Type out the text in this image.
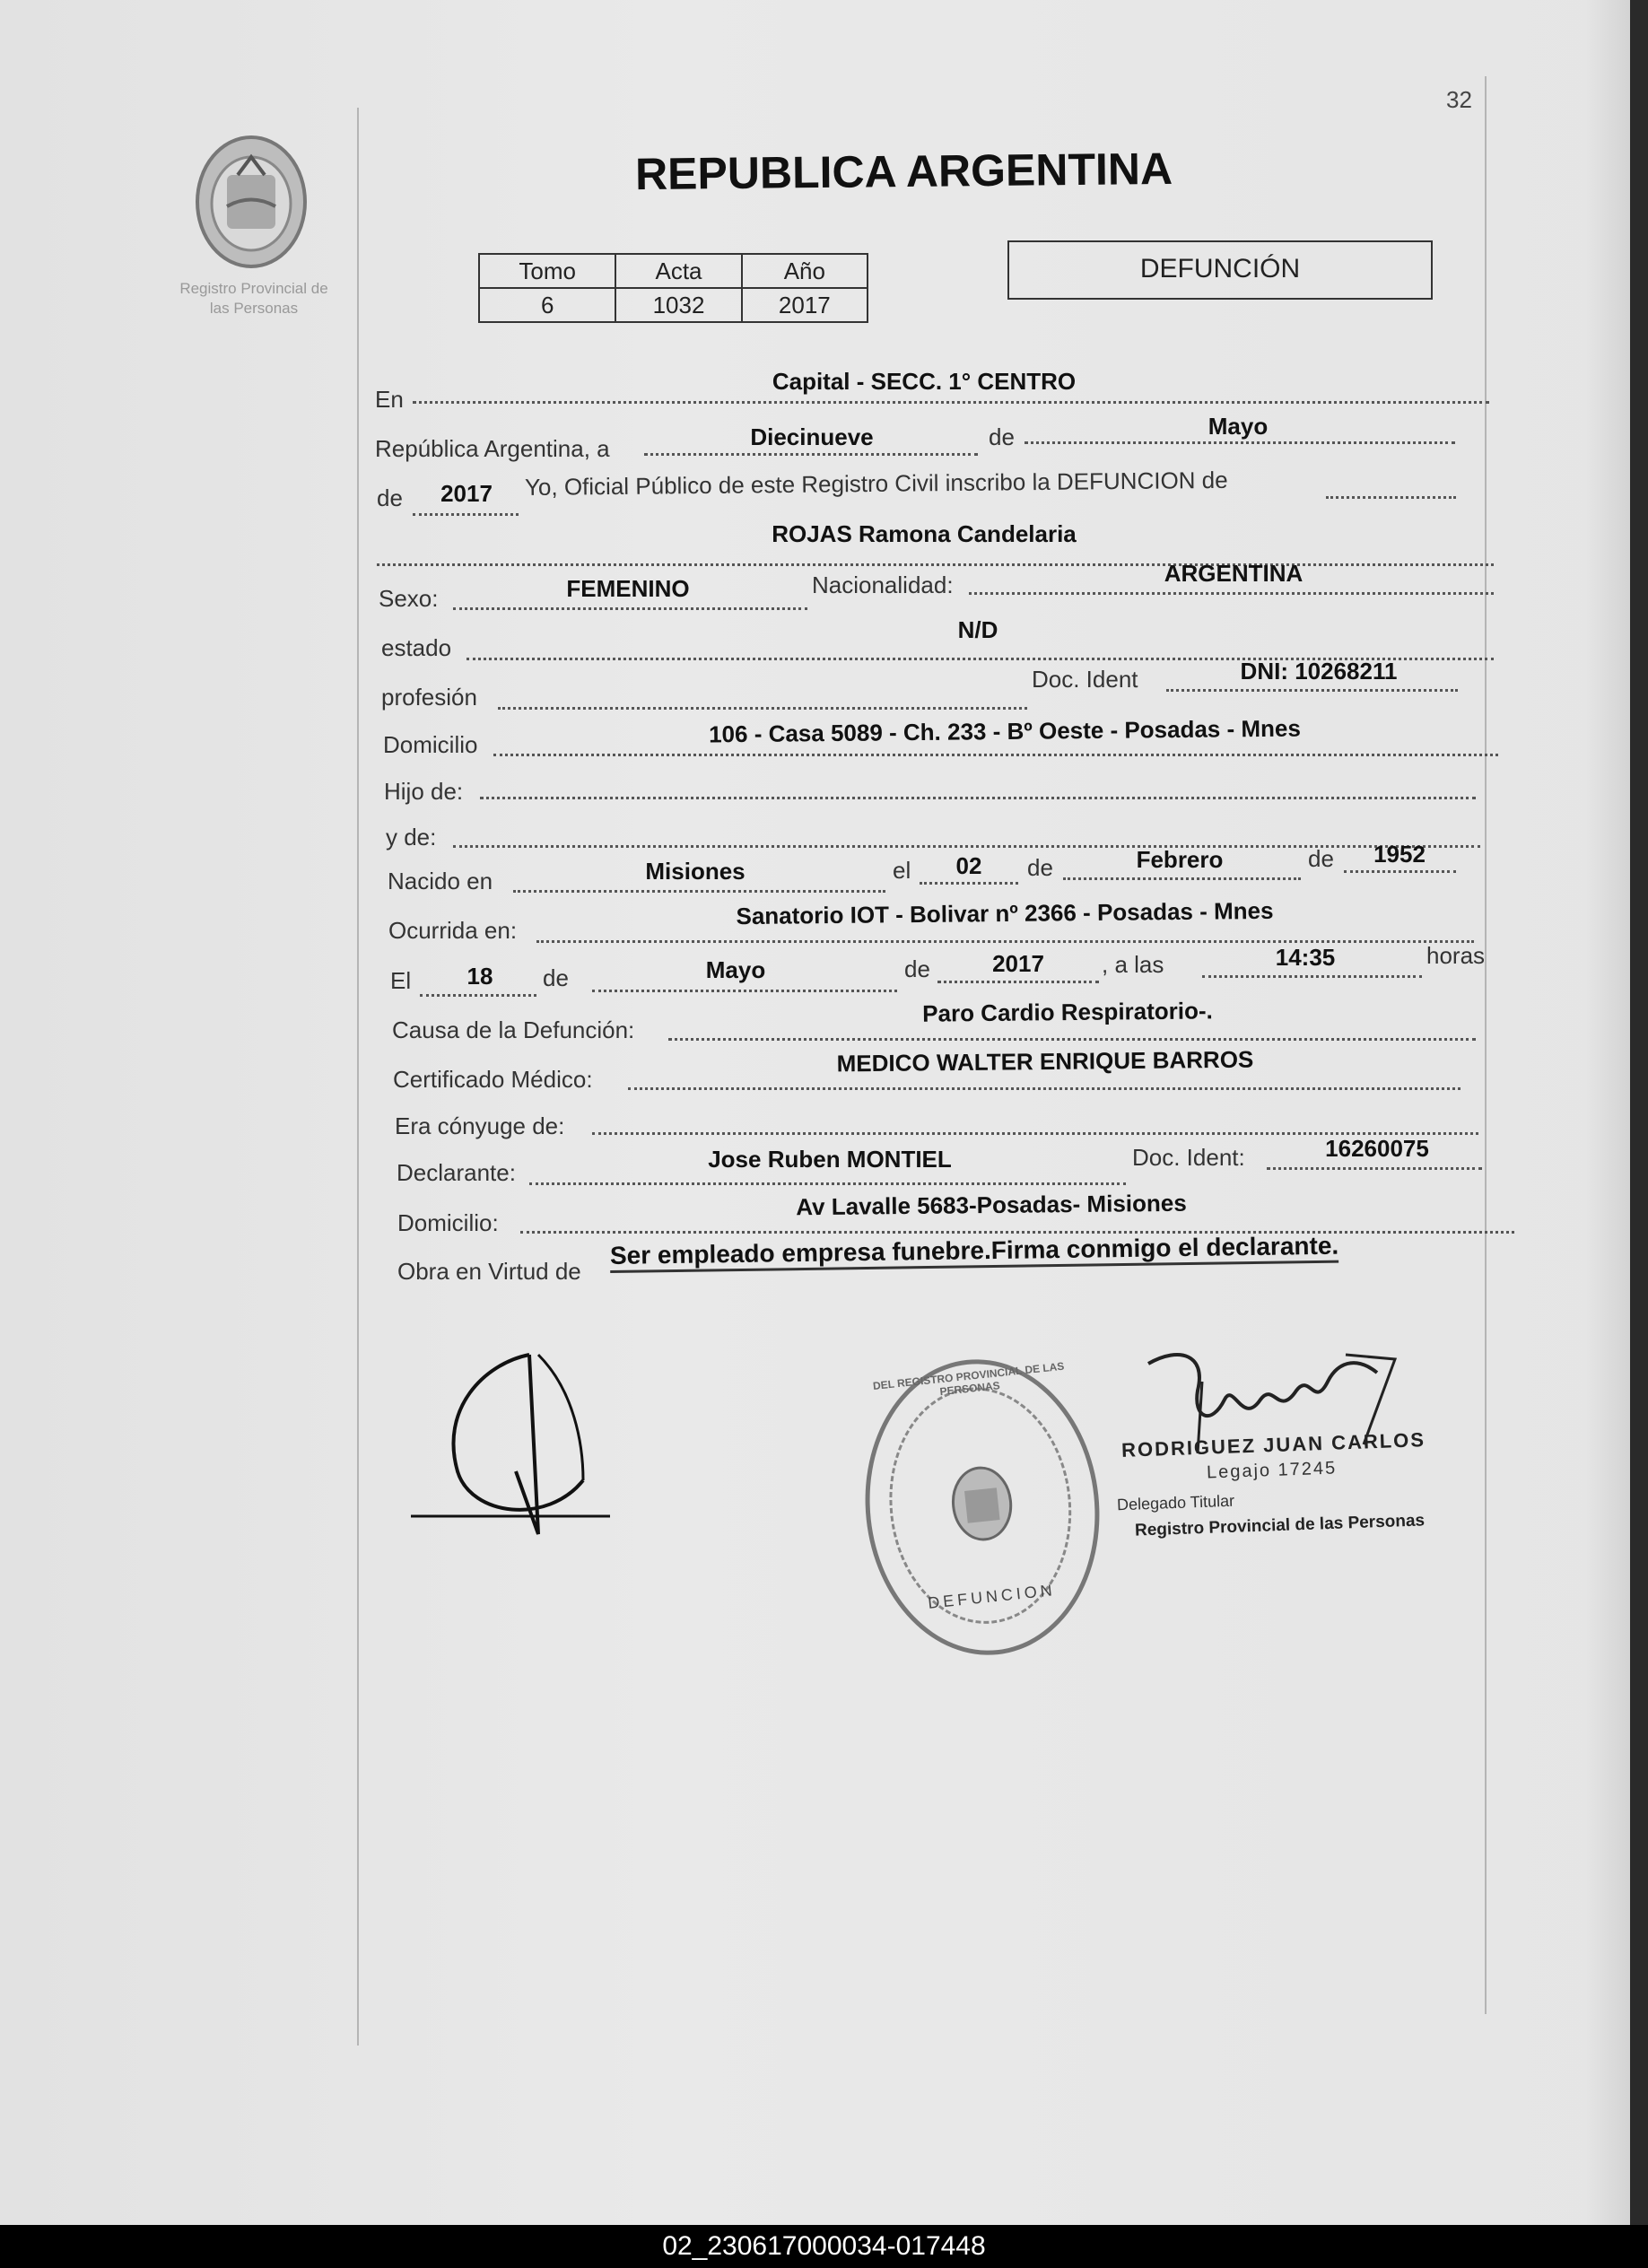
32
Registro Provincial de
las Personas
REPUBLICA ARGENTINA
Tomo	Acta	Año
6	1032	2017
DEFUNCIÓN
En
Capital - SECC. 1° CENTRO
República Argentina, a	Diecinueve	de	Mayo
de	2017	Yo, Oficial Público de este Registro Civil inscribo la DEFUNCION de
ROJAS Ramona Candelaria
Sexo:	FEMENINO	Nacionalidad:	ARGENTINA
estado
N/D
profesión
Doc. Ident	DNI: 10268211
Domicilio	106 - Casa 5089 - Ch. 233 - Bº Oeste - Posadas - Mnes
Hijo de:
y de:
Nacido en	Misiones	el	02	de	Febrero	de	1952
Ocurrida en:
Sanatorio IOT - Bolivar nº 2366 - Posadas - Mnes
El	18	de	Mayo	de	2017	, a las	14:35	horas
Causa de la Defunción:
Paro Cardio Respiratorio-.
Certificado Médico:
MEDICO WALTER ENRIQUE BARROS
Era cónyuge de:
Declarante:	Jose Ruben MONTIEL	Doc. Ident:	16260075
Domicilio:
Av Lavalle 5683-Posadas- Misiones
Obra en Virtud de
Ser empleado empresa funebre.Firma conmigo el declarante.
DEL REGISTRO PROVINCIAL DE LAS PERSONAS
DEFUNCION
RODRIGUEZ JUAN CARLOS
Legajo 17245
Delegado Titular
Registro Provincial de las Personas
02_230617000034-017448
